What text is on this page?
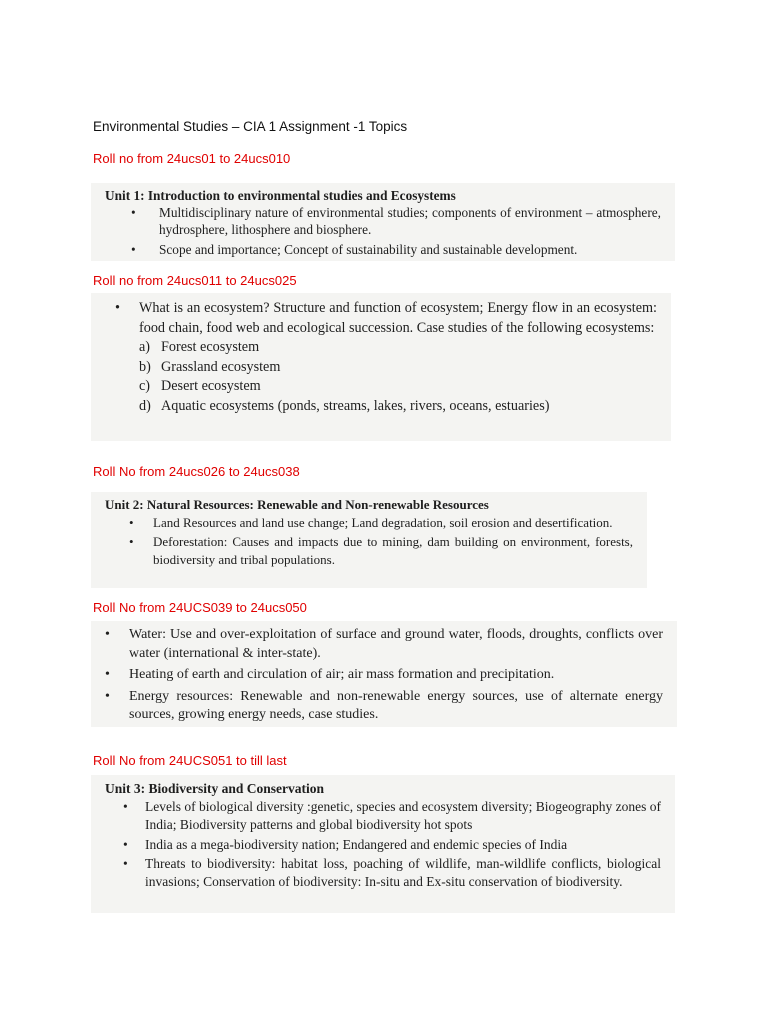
Environmental Studies – CIA 1 Assignment -1 Topics
Roll no from 24ucs01 to 24ucs010
Unit 1: Introduction to environmental studies and Ecosystems
• Multidisciplinary nature of environmental studies; components of environment – atmosphere, hydrosphere, lithosphere and biosphere.
• Scope and importance; Concept of sustainability and sustainable development.
Roll no from 24ucs011 to 24ucs025
• What is an ecosystem? Structure and function of ecosystem; Energy flow in an ecosystem: food chain, food web and ecological succession. Case studies of the following ecosystems:
a) Forest ecosystem
b) Grassland ecosystem
c) Desert ecosystem
d) Aquatic ecosystems (ponds, streams, lakes, rivers, oceans, estuaries)
Roll No from 24ucs026 to 24ucs038
Unit 2: Natural Resources: Renewable and Non-renewable Resources
• Land Resources and land use change; Land degradation, soil erosion and desertification.
• Deforestation: Causes and impacts due to mining, dam building on environment, forests, biodiversity and tribal populations.
Roll No from 24UCS039 to 24ucs050
• Water: Use and over-exploitation of surface and ground water, floods, droughts, conflicts over water (international & inter-state).
• Heating of earth and circulation of air; air mass formation and precipitation.
• Energy resources: Renewable and non-renewable energy sources, use of alternate energy sources, growing energy needs, case studies.
Roll No from 24UCS051 to till last
Unit 3: Biodiversity and Conservation
• Levels of biological diversity :genetic, species and ecosystem diversity; Biogeography zones of India; Biodiversity patterns and global biodiversity hot spots
• India as a mega-biodiversity nation; Endangered and endemic species of India
• Threats to biodiversity: habitat loss, poaching of wildlife, man-wildlife conflicts, biological invasions; Conservation of biodiversity: In-situ and Ex-situ conservation of biodiversity.
